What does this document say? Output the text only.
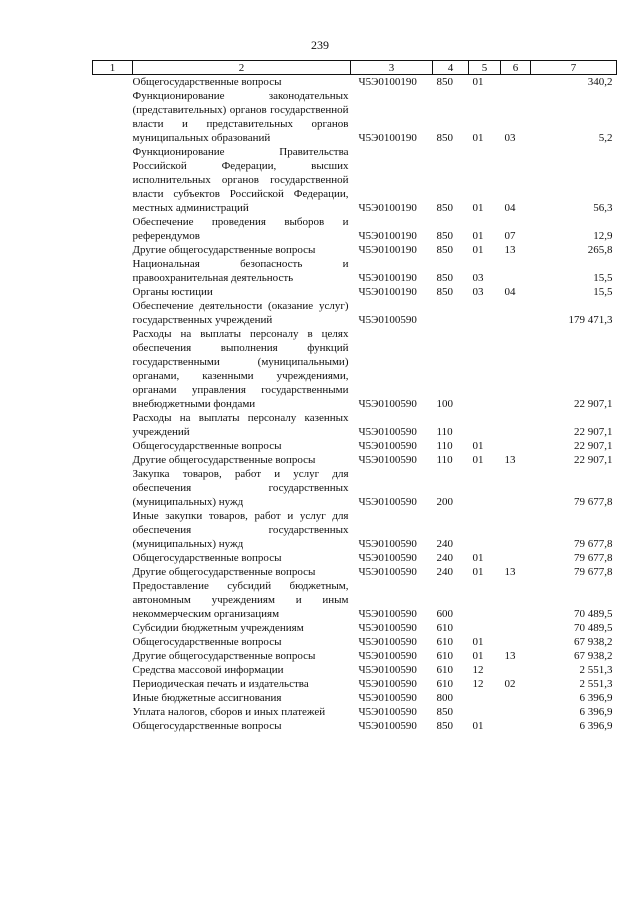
239
1	2	3	4	5	6	7
	Общегосударственные вопросы	Ч5Э0100190	850	01		340,2
	Функционирование законодательных (представительных) органов государственной власти и представительных органов муниципальных образований	Ч5Э0100190	850	01	03	5,2
	Функционирование Правительства Российской Федерации, высших исполнительных органов государственной власти субъектов Российской Федерации, местных администраций	Ч5Э0100190	850	01	04	56,3
	Обеспечение проведения выборов и референдумов	Ч5Э0100190	850	01	07	12,9
	Другие общегосударственные вопросы	Ч5Э0100190	850	01	13	265,8
	Национальная безопасность и правоохранительная деятельность	Ч5Э0100190	850	03		15,5
	Органы юстиции	Ч5Э0100190	850	03	04	15,5
	Обеспечение деятельности (оказание услуг) государственных учреждений	Ч5Э0100590				179 471,3
	Расходы на выплаты персоналу в целях обеспечения выполнения функций государственными (муниципальными) органами, казенными учреждениями, органами управления государственными внебюджетными фондами	Ч5Э0100590	100			22 907,1
	Расходы на выплаты персоналу казенных учреждений	Ч5Э0100590	110			22 907,1
	Общегосударственные вопросы	Ч5Э0100590	110	01		22 907,1
	Другие общегосударственные вопросы	Ч5Э0100590	110	01	13	22 907,1
	Закупка товаров, работ и услуг для обеспечения государственных (муниципальных) нужд	Ч5Э0100590	200			79 677,8
	Иные закупки товаров, работ и услуг для обеспечения государственных (муниципальных) нужд	Ч5Э0100590	240			79 677,8
	Общегосударственные вопросы	Ч5Э0100590	240	01		79 677,8
	Другие общегосударственные вопросы	Ч5Э0100590	240	01	13	79 677,8
	Предоставление субсидий бюджетным, автономным учреждениям и иным некоммерческим организациям	Ч5Э0100590	600			70 489,5
	Субсидии бюджетным учреждениям	Ч5Э0100590	610			70 489,5
	Общегосударственные вопросы	Ч5Э0100590	610	01		67 938,2
	Другие общегосударственные вопросы	Ч5Э0100590	610	01	13	67 938,2
	Средства массовой информации	Ч5Э0100590	610	12		2 551,3
	Периодическая печать и издательства	Ч5Э0100590	610	12	02	2 551,3
	Иные бюджетные ассигнования	Ч5Э0100590	800			6 396,9
	Уплата налогов, сборов и иных платежей	Ч5Э0100590	850			6 396,9
	Общегосударственные вопросы	Ч5Э0100590	850	01		6 396,9
